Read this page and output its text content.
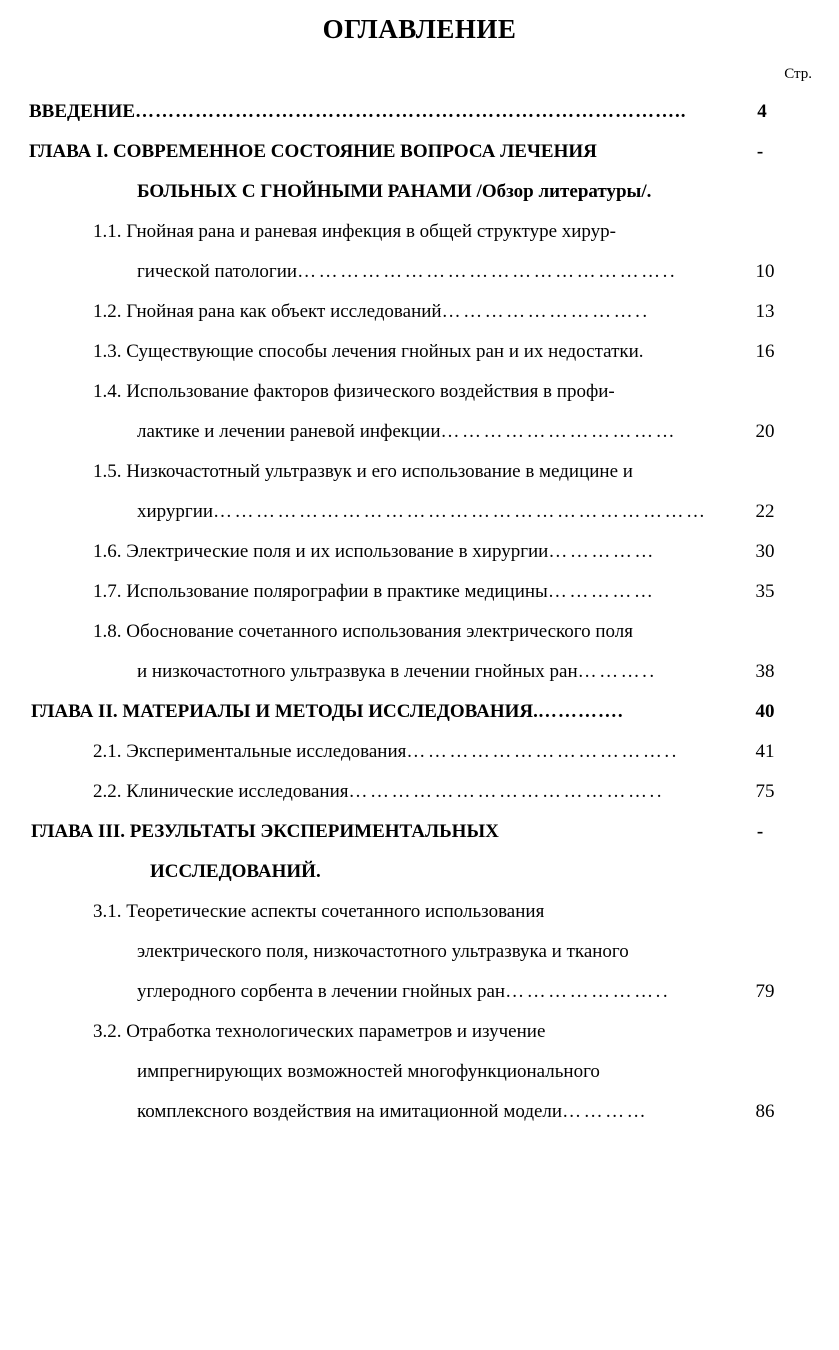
ОГЛАВЛЕНИЕ
Стр.
ВВЕДЕНИЕ ………………………………………………………………………..	4
ГЛАВА I. СОВРЕМЕННОЕ СОСТОЯНИЕ ВОПРОСА ЛЕЧЕНИЯ	-
БОЛЬНЫХ С ГНОЙНЫМИ РАНАМИ /Обзор литературы/.
1.1. Гнойная рана и раневая инфекция в общей структуре хирур-
гической патологии ……………………………………………..	10
1.2. Гнойная рана как объект исследований ………………………..	13
1.3. Существующие способы лечения гнойных ран и их недостатки.	16
1.4. Использование факторов физического воздействия в профи-
лактике и лечении раневой инфекции ……………………………	20
1.5. Низкочастотный ультразвук и его использование в медицине и
хирургии ……………………………………………………………	22
1.6. Электрические поля и их использование в хирургии ……………	30
1.7. Использование полярографии в практике медицины ……………	35
1.8. Обоснование сочетанного использования электрического поля
и низкочастотного ультразвука в лечении гнойных ран ………..	38
ГЛАВА II. МАТЕРИАЛЫ И МЕТОДЫ ИССЛЕДОВАНИЯ. ………….	40
2.1. Экспериментальные исследования ………………………………..	41
2.2. Клинические исследования ……………………………………..	75
ГЛАВА III. РЕЗУЛЬТАТЫ ЭКСПЕРИМЕНТАЛЬНЫХ	-
ИССЛЕДОВАНИЙ.
3.1. Теоретические аспекты сочетанного использования
электрического поля, низкочастотного ультразвука и тканого
углеродного сорбента в лечении гнойных ран …………………..	79
3.2. Отработка технологических параметров и изучение
импрегнирующих возможностей многофункционального
комплексного воздействия на имитационной модели …………	86
